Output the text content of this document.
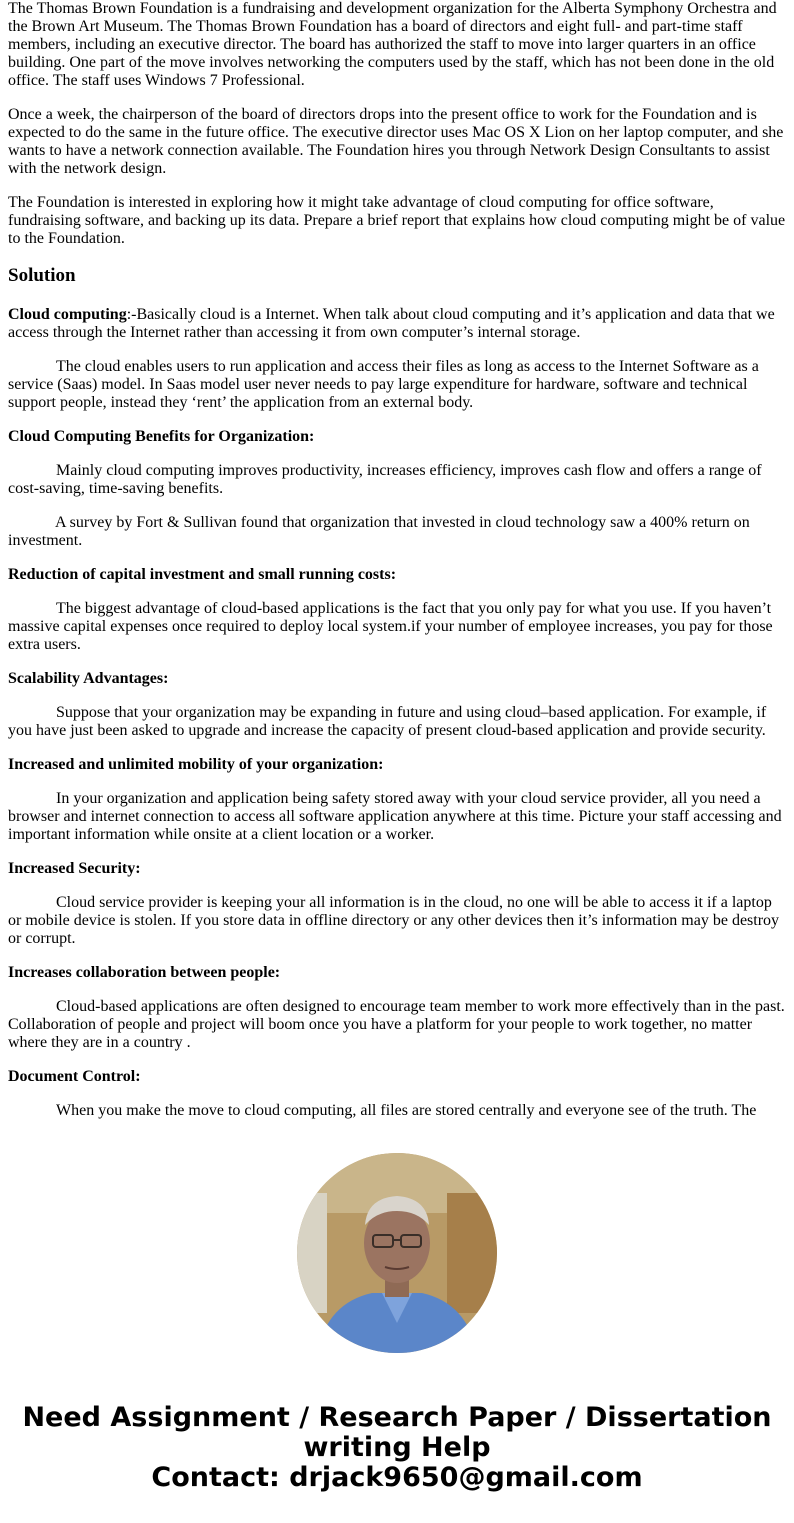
The Thomas Brown Foundation is a fundraising and development organization for the Alberta Symphony Orchestra and the Brown Art Museum. The Thomas Brown Foundation has a board of directors and eight full- and part-time staff members, including an executive director. The board has authorized the staff to move into larger quarters in an office building. One part of the move involves networking the computers used by the staff, which has not been done in the old office. The staff uses Windows 7 Professional.

Once a week, the chairperson of the board of directors drops into the present office to work for the Foundation and is expected to do the same in the future office. The executive director uses Mac OS X Lion on her laptop computer, and she wants to have a network connection available. The Foundation hires you through Network Design Consultants to assist with the network design.

The Foundation is interested in exploring how it might take advantage of cloud computing for office software, fundraising software, and backing up its data. Prepare a brief report that explains how cloud computing might be of value to the Foundation.

Solution

Cloud computing:-Basically cloud is a Internet. When talk about cloud computing and it’s application and data that we access through the Internet rather than accessing it from own computer’s internal storage.

The cloud enables users to run application and access their files as long as access to the Internet Software as a service (Saas) model. In Saas model user never needs to pay large expenditure for hardware, software and technical support people, instead they ‘rent’ the application from an external body.

Cloud Computing Benefits for Organization:

Mainly cloud computing improves productivity, increases efficiency, improves cash flow and offers a range of cost-saving, time-saving benefits.

A survey by Fort & Sullivan found that organization that invested in cloud technology saw a 400% return on investment.

Reduction of capital investment and small running costs:

The biggest advantage of cloud-based applications is the fact that you only pay for what you use. If you haven’t massive capital expenses once required to deploy local system.if your number of employee increases, you pay for those extra users.

Scalability Advantages:

Suppose that your organization may be expanding in future and using cloud–based application. For example, if you have just been asked to upgrade and increase the capacity of present cloud-based application and provide security.

Increased and unlimited mobility of your organization:

In your organization and application being safety stored away with your cloud service provider, all you need a browser and internet connection to access all software application anywhere at this time. Picture your staff accessing and important information while onsite at a client location or a worker.

Increased Security:

Cloud service provider is keeping your all information is in the cloud, no one will be able to access it if a laptop or mobile device is stolen. If you store data in offline directory or any other devices then it’s information may be destroy or corrupt.

Increases collaboration between people:

Cloud-based applications are often designed to encourage team member to work more effectively than in the past. Collaboration of people and project will boom once you have a platform for your people to work together, no matter where they are in a country .

Document Control:

When you make the move to cloud computing, all files are stored centrally and everyone see of the truth. The

Need Assignment / Research Paper / Dissertation
writing Help
Contact: drjack9650@gmail.com
